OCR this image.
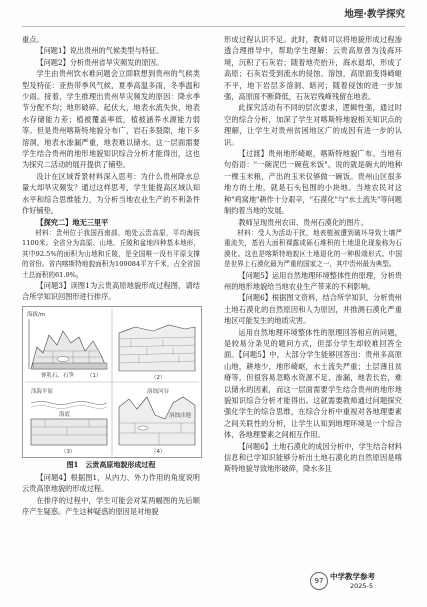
地理·教学探究

重点。

【问题1】说出贵州的气候类型与特征。

【问题2】分析贵州省旱灾频发的原因。

学生由贵州饮水难问题会立即联想到贵州的气候类型及特征：亚热带季风气候，夏季高温多雨，冬季温和少雨。接着，学生推理出贵州旱灾频发的原因：降水季节分配不均；地形破碎、起伏大，地表水流失快，地表水存储能力差；植被覆盖率低，植被涵养水源能力弱等。但是贵州喀斯特地貌分布广，岩石多裂隙，地下多溶洞，地表水渗漏严重，地表难以储水。这一层面需要学生结合贵州的地形地貌知识综合分析才能得出，这也为探究二活动的展开提供了铺垫。

设计在区域背景材料深入思考：为什么贵州降水总量大却旱灾频发？通过这样思考，学生能提高区域认知水平和综合思维能力，为分析当地农业生产的不利条件作好铺垫。

【探究二】地无三里平

材料：贵州位于我国西南部，地处云贵高原，平均海拔1100米。全省分为高原、山地、丘陵和盆地四种基本地形，其中92.5%的面积为山地和丘陵，是全国唯一没有平原支撑的省份。省内喀斯特地貌面积为109084平方千米，占全省国土总面积的61.9%。

【问题3】读图1为云贵高原地貌形成过程图，请结合所学知识回图形进行排序。

海拔/m
钟乳石、石笋 （1）	（2）
浅海平原
海底
（3）
溶蚀河谷
溶蚀洼地
（4）
图1　云贵高原地貌形成过程

【问题4】根据图1，从内力、外力作用的角度说明云贵高原地貌的形成过程。

在排序的过程中，学生可能会对某两幅图的先后顺序产生疑惑。产生这种疑惑的原因是对地貌

形成过程认识不足。此时，教师可以将地貌形成过程渗透合理推导中，帮助学生理解：云贵高原曾为浅海环境，沉积了石灰岩；随着地壳抬升，海水退却，形成了高原；石灰岩受到流水的侵蚀、溶蚀，高原面变得崎岖不平，地下岩层多溶洞、暗河；随着侵蚀的进一步加强，高原面不断降低，石灰岩残峰残留在地表。

此探究活动有不同的层次要求，逻辑性强，通过时空的综合分析，加深了学生对喀斯特地貌相关知识点的理解，让学生对贵州贫困地区广的成因有进一步的认识。

【过渡】贵州地形崎岖，喀斯特地貌广布。当地有句俗语："一碗泥巴一碗苞米饭"。说的就是碗大的地种一棵玉米粮，产出的玉米仅够做一碗饭。贵州山区很多地方的土地，就是石头包围的小块地。当地农民对这种"鸡窝地"耕作十分艰辛，"石漠化"与"水土流失"等问题制约着当地的发展。

教师呈现贵州农田、贵州石漠化的图片。

材料：受人为活动干扰，地表植被遭到破坏导致土壤严重流失，基岩大面积裸露或砾石堆积的土地退化现象称为石漠化。这也是喀斯特地貌区土地退化的一种极端形式。中国是世界上石漠化最为严重的国家之一，其中贵州最为典型。

【问题5】运用自然地理环境整体性的原理，分析贵州的地形地貌给当地农业生产带来的不利影响。

【问题6】根据图文资料，结合所学知识，分析贵州土地石漠化的自然原因和人为原因，并推测石漠化严重地区可能发生的地质灾害。

运用自然地理环境整体性的原理回答相应的问题，是较易分条见的题问方式，但部分学生却较难回答全面。【问题5】中，大部分学生能够回答出：贵州多高原山地，耕地少，地形崎岖，水土流失严重；土层薄且贫瘠等，但很容易忽略水资源不足、渗漏，地表长岩，难以储水的因素，而这一层面需要学生结合贵州的地形地貌知识综合分析才能得出。这就需要教师通过问题探究强化学生的综合思维，在综合分析中重视对各地理要素之间关联性的分析，让学生认知到地理环境是一个综合体，各地理要素之间相互作用。

【问题6】土地石漠化的成因分析中，学生结合材料信息和已学知识能够分析出土地石漠化的自然原因是喀斯特地貌导致地形破碎，降水多且

97 中学教学参考
2025-5
